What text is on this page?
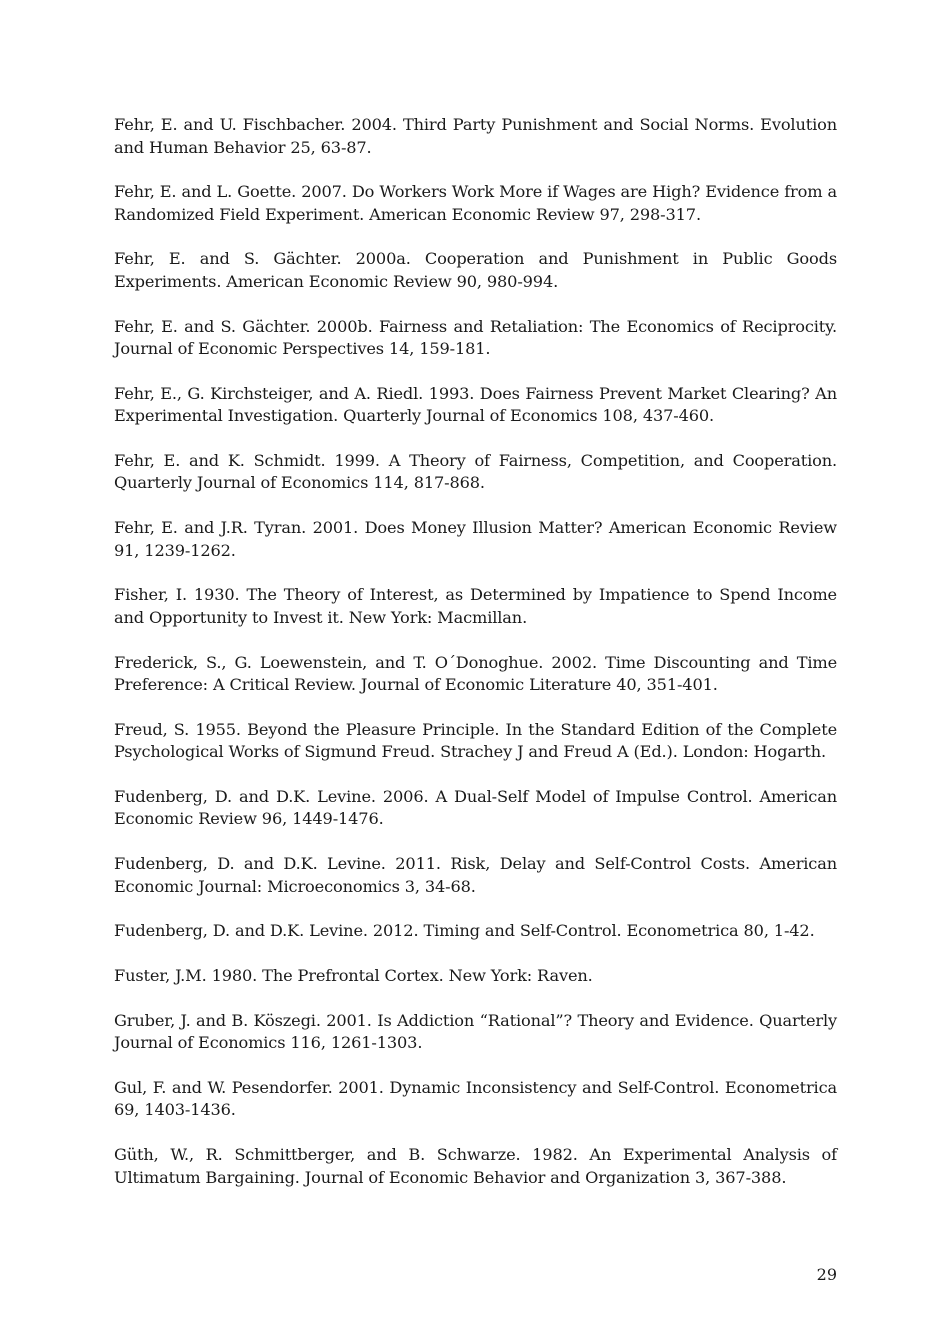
Fehr, E. and U. Fischbacher. 2004. Third Party Punishment and Social Norms. Evolution and Human Behavior 25, 63-87.
Fehr, E. and L. Goette. 2007. Do Workers Work More if Wages are High? Evidence from a Randomized Field Experiment. American Economic Review 97, 298-317.
Fehr, E. and S. Gächter. 2000a. Cooperation and Punishment in Public Goods Experiments. American Economic Review 90, 980-994.
Fehr, E. and S. Gächter. 2000b. Fairness and Retaliation: The Economics of Reciprocity. Journal of Economic Perspectives 14, 159-181.
Fehr, E., G. Kirchsteiger, and A. Riedl. 1993. Does Fairness Prevent Market Clearing? An Experimental Investigation. Quarterly Journal of Economics 108, 437-460.
Fehr, E. and K. Schmidt. 1999. A Theory of Fairness, Competition, and Cooperation. Quarterly Journal of Economics 114, 817-868.
Fehr, E. and J.R. Tyran. 2001. Does Money Illusion Matter? American Economic Review 91, 1239-1262.
Fisher, I. 1930. The Theory of Interest, as Determined by Impatience to Spend Income and Opportunity to Invest it. New York: Macmillan.
Frederick, S., G. Loewenstein, and T. O´Donoghue. 2002. Time Discounting and Time Preference: A Critical Review. Journal of Economic Literature 40, 351-401.
Freud, S. 1955. Beyond the Pleasure Principle. In the Standard Edition of the Complete Psychological Works of Sigmund Freud. Strachey J and Freud A (Ed.). London: Hogarth.
Fudenberg, D. and D.K. Levine. 2006. A Dual-Self Model of Impulse Control. American Economic Review 96, 1449-1476.
Fudenberg, D. and D.K. Levine. 2011. Risk, Delay and Self-Control Costs. American Economic Journal: Microeconomics 3, 34-68.
Fudenberg, D. and D.K. Levine. 2012. Timing and Self-Control. Econometrica 80, 1-42.
Fuster, J.M. 1980. The Prefrontal Cortex. New York: Raven.
Gruber, J. and B. Köszegi. 2001. Is Addiction “Rational”? Theory and Evidence. Quarterly Journal of Economics 116, 1261-1303.
Gul, F. and W. Pesendorfer. 2001. Dynamic Inconsistency and Self-Control. Econometrica 69, 1403-1436.
Güth, W., R. Schmittberger, and B. Schwarze. 1982. An Experimental Analysis of Ultimatum Bargaining. Journal of Economic Behavior and Organization 3, 367-388.
29
